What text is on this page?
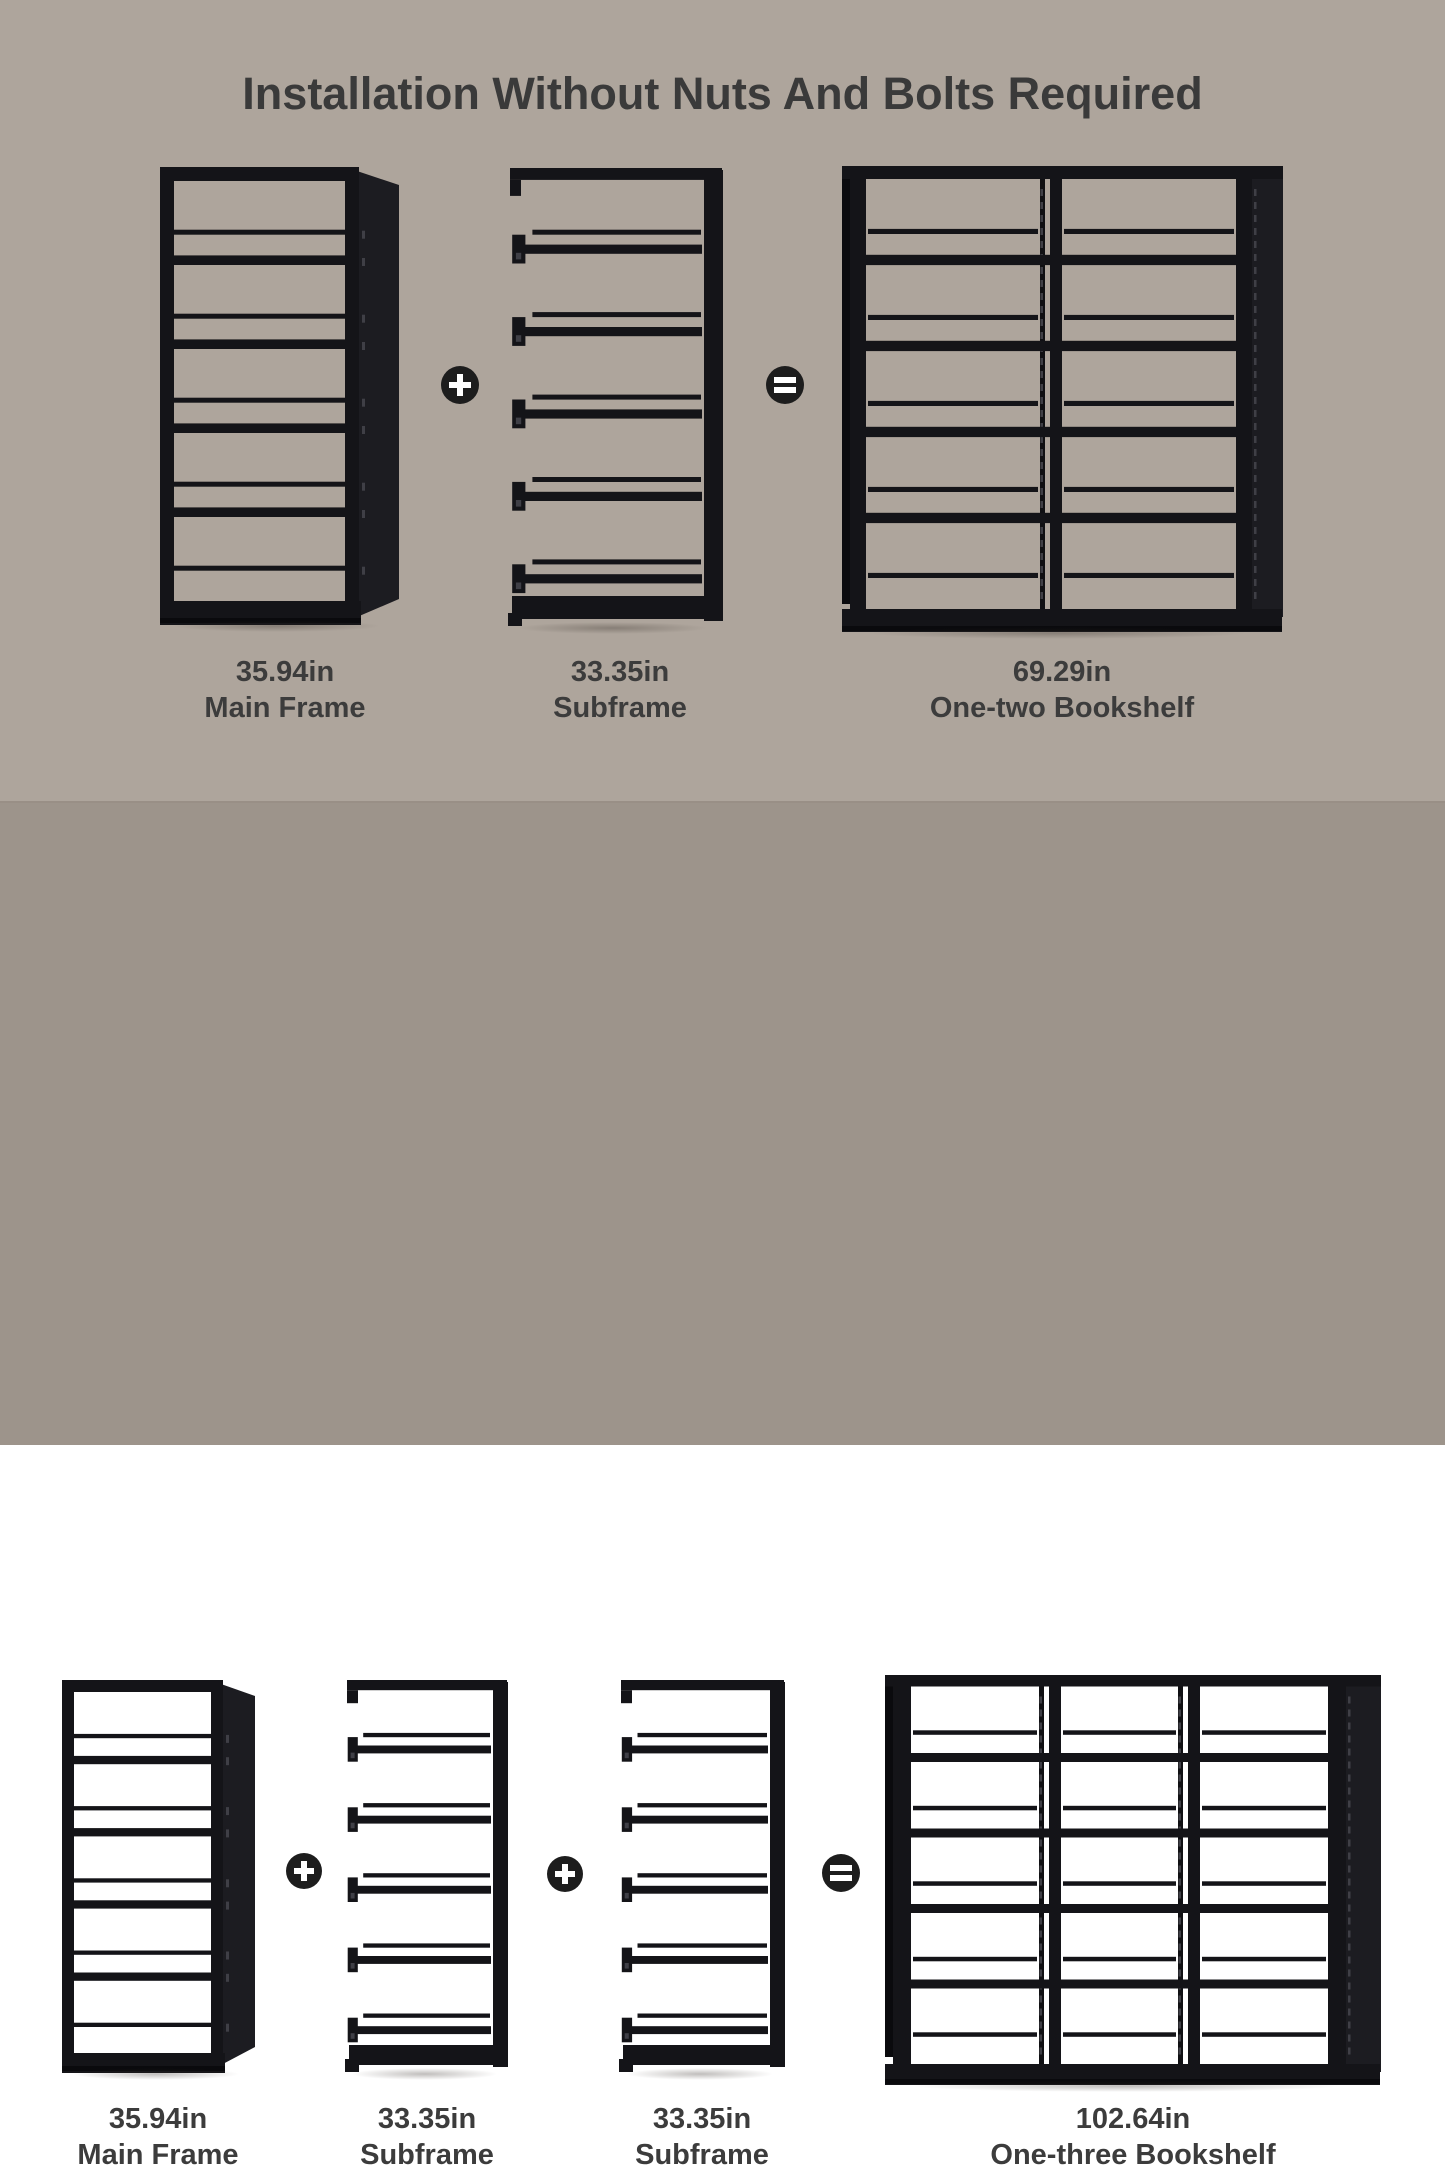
Installation Without Nuts And Bolts Required
35.94in
Main Frame
33.35in
Subframe
69.29in
One-two Bookshelf
35.94in
Main Frame
33.35in
Subframe
33.35in
Subframe
102.64in
One-three Bookshelf
